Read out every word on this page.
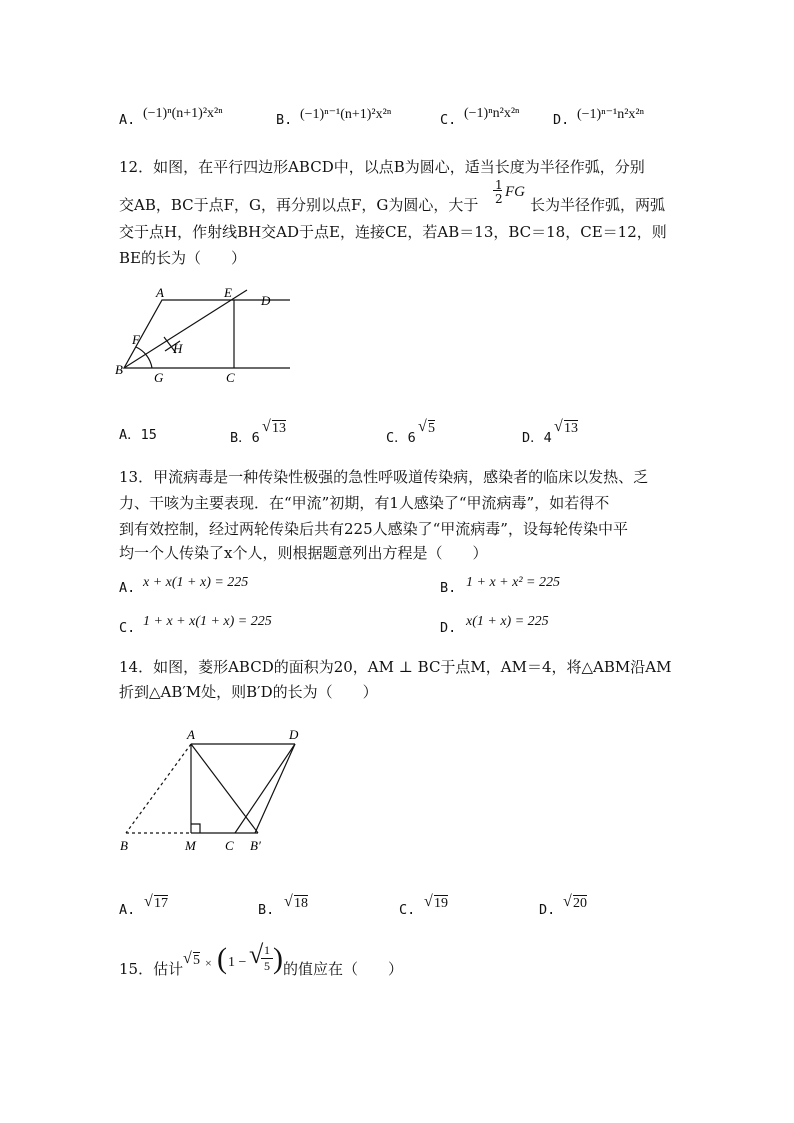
A. (−1)ⁿ(n+1)²x²ⁿ	B. (−1)ⁿ⁻¹(n+1)²x²ⁿ	C. (−1)ⁿn²x²ⁿ D. (−1)ⁿ⁻¹n²x²ⁿ
12．如图，在平行四边形ABCD中，以点B为圆心，适当长度为半径作弧，分别
交AB，BC于点F，G，再分别以点F，G为圆心，大于
1
2 FG
长为半径作弧，两弧
交于点H，作射线BH交AD于点E，连接CE，若AB＝13，BC＝18，CE＝12，则
BE的长为（　　）
A	E
D
F
H
B
G	C
A．15	B．6
√ 13
C．6
√ 5
D．4
√ 13
13．甲流病毒是一种传染性极强的急性呼吸道传染病，感染者的临床以发热、乏
力、干咳为主要表现．在“甲流”初期，有1人感染了“甲流病毒”，如若得不
到有效控制，经过两轮传染后共有225人感染了“甲流病毒”，设每轮传染中平
均一个人传染了x个人，则根据题意列出方程是（　　）
A. x + x(1 + x) = 225	B. 1 + x + x² = 225
C. 1 + x + x(1 + x) = 225	D. x(1 + x) = 225
14．如图，菱形ABCD的面积为20，AM ⊥ BC于点M，AM＝4，将△ABM沿AM
折到△AB′M处，则B′D的长为（　　）
A	D
B	M C B′
A. √ 17	B. √ 18	C. √ 19	D. √ 20
15．估计
√ 5 × ( 1 − √ 1
5 ) 的值应在（　　）
